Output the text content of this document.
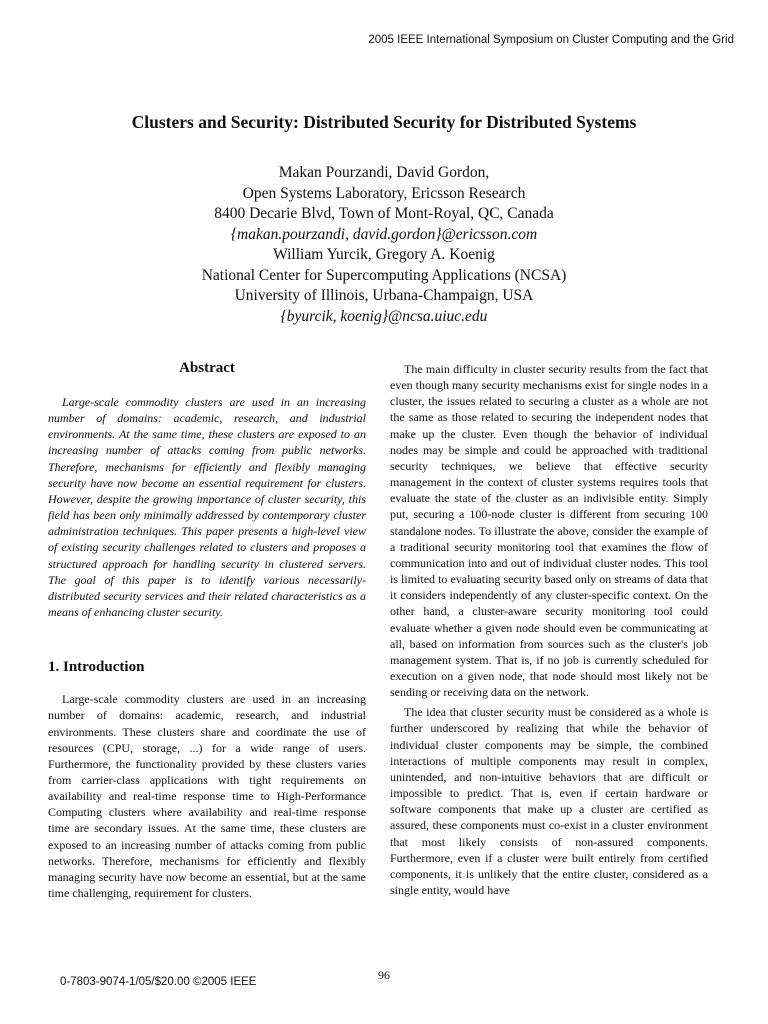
2005 IEEE International Symposium on Cluster Computing and the Grid
Clusters and Security: Distributed Security for Distributed Systems
Makan Pourzandi, David Gordon,
Open Systems Laboratory, Ericsson Research
8400 Decarie Blvd, Town of Mont-Royal, QC, Canada
{makan.pourzandi, david.gordon}@ericsson.com
William Yurcik, Gregory A. Koenig
National Center for Supercomputing Applications (NCSA)
University of Illinois, Urbana-Champaign, USA
{byurcik, koenig}@ncsa.uiuc.edu
Abstract

Large-scale commodity clusters are used in an increasing number of domains: academic, research, and industrial environments. At the same time, these clusters are exposed to an increasing number of attacks coming from public networks. Therefore, mechanisms for efficiently and flexibly managing security have now become an essential requirement for clusters. However, despite the growing importance of cluster security, this field has been only minimally addressed by contemporary cluster administration techniques. This paper presents a high-level view of existing security challenges related to clusters and proposes a structured approach for handling security in clustered servers. The goal of this paper is to identify various necessarily-distributed security services and their related characteristics as a means of enhancing cluster security.

1. Introduction

Large-scale commodity clusters are used in an increasing number of domains: academic, research, and industrial environments. These clusters share and coordinate the use of resources (CPU, storage, ...) for a wide range of users. Furthermore, the functionality provided by these clusters varies from carrier-class applications with tight requirements on availability and real-time response time to High-Performance Computing clusters where availability and real-time response time are secondary issues. At the same time, these clusters are exposed to an increasing number of attacks coming from public networks. Therefore, mechanisms for efficiently and flexibly managing security have now become an essential, but at the same time challenging, requirement for clusters.

The main difficulty in cluster security results from the fact that even though many security mechanisms exist for single nodes in a cluster, the issues related to securing a cluster as a whole are not the same as those related to securing the independent nodes that make up the cluster. Even though the behavior of individual nodes may be simple and could be approached with traditional security techniques, we believe that effective security management in the context of cluster systems requires tools that evaluate the state of the cluster as an indivisible entity. Simply put, securing a 100-node cluster is different from securing 100 standalone nodes. To illustrate the above, consider the example of a traditional security monitoring tool that examines the flow of communication into and out of individual cluster nodes. This tool is limited to evaluating security based only on streams of data that it considers independently of any cluster-specific context. On the other hand, a cluster-aware security monitoring tool could evaluate whether a given node should even be communicating at all, based on information from sources such as the cluster's job management system. That is, if no job is currently scheduled for execution on a given node, that node should most likely not be sending or receiving data on the network.

The idea that cluster security must be considered as a whole is further underscored by realizing that while the behavior of individual cluster components may be simple, the combined interactions of multiple components may result in complex, unintended, and non-intuitive behaviors that are difficult or impossible to predict. That is, even if certain hardware or software components that make up a cluster are certified as assured, these components must co-exist in a cluster environment that most likely consists of non-assured components. Furthermore, even if a cluster were built entirely from certified components, it is unlikely that the entire cluster, considered as a single entity, would have

0-7803-9074-1/05/$20.00 ©2005 IEEE	96
